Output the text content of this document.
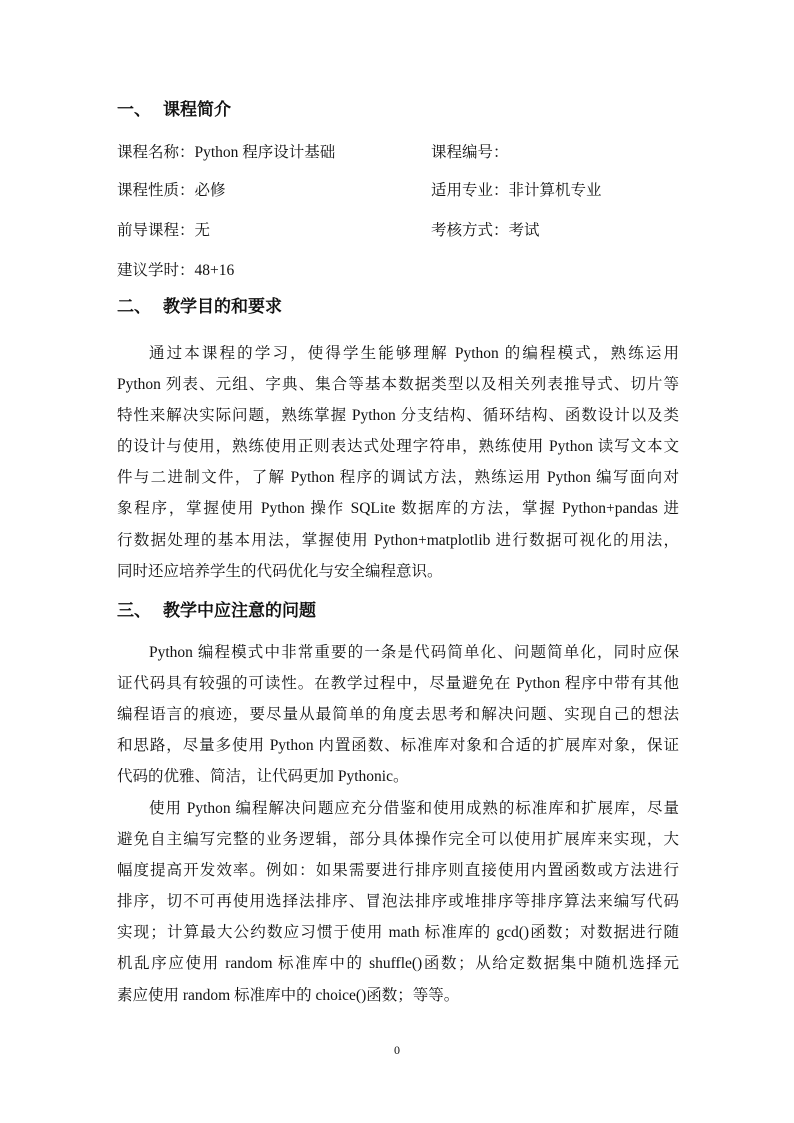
一、 课程简介
课程名称：Python 程序设计基础	课程编号：
课程性质：必修	适用专业：非计算机专业
前导课程：无	考核方式：考试
建议学时：48+16
二、 教学目的和要求
通过本课程的学习，使得学生能够理解 Python 的编程模式，熟练运用
Python 列表、元组、字典、集合等基本数据类型以及相关列表推导式、切片等
特性来解决实际问题，熟练掌握 Python 分支结构、循环结构、函数设计以及类
的设计与使用，熟练使用正则表达式处理字符串，熟练使用 Python 读写文本文
件与二进制文件，了解 Python 程序的调试方法，熟练运用 Python 编写面向对
象程序，掌握使用 Python 操作 SQLite 数据库的方法，掌握 Python+pandas 进
行数据处理的基本用法，掌握使用 Python+matplotlib 进行数据可视化的用法，
同时还应培养学生的代码优化与安全编程意识。
三、 教学中应注意的问题
Python 编程模式中非常重要的一条是代码简单化、问题简单化，同时应保
证代码具有较强的可读性。在教学过程中，尽量避免在 Python 程序中带有其他
编程语言的痕迹，要尽量从最简单的角度去思考和解决问题、实现自己的想法
和思路，尽量多使用 Python 内置函数、标准库对象和合适的扩展库对象，保证
代码的优雅、简洁，让代码更加 Pythonic。
使用 Python 编程解决问题应充分借鉴和使用成熟的标准库和扩展库，尽量
避免自主编写完整的业务逻辑，部分具体操作完全可以使用扩展库来实现，大
幅度提高开发效率。例如：如果需要进行排序则直接使用内置函数或方法进行
排序，切不可再使用选择法排序、冒泡法排序或堆排序等排序算法来编写代码
实现；计算最大公约数应习惯于使用 math 标准库的 gcd()函数；对数据进行随
机乱序应使用 random 标准库中的 shuffle()函数；从给定数据集中随机选择元
素应使用 random 标准库中的 choice()函数；等等。
0
